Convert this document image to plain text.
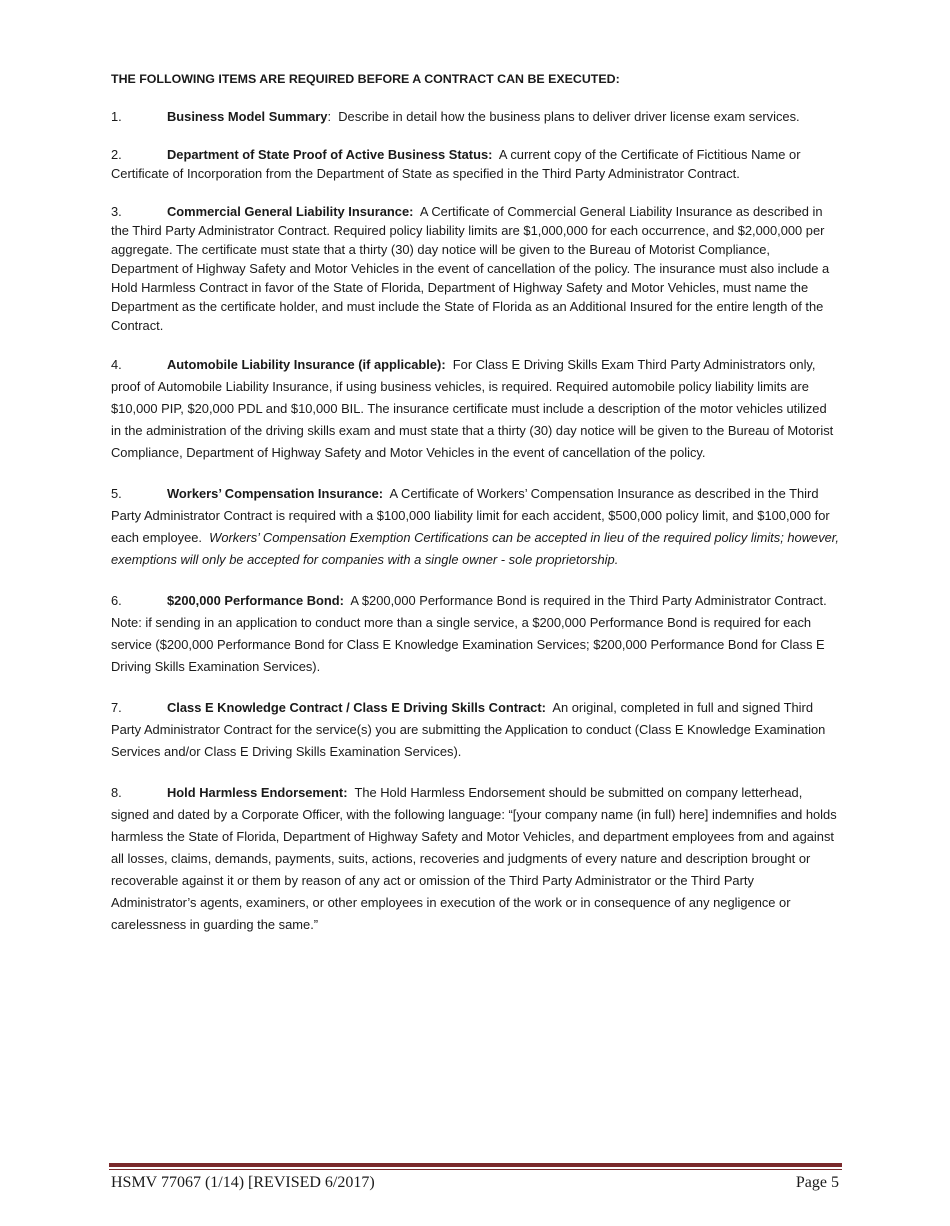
THE FOLLOWING ITEMS ARE REQUIRED BEFORE A CONTRACT CAN BE EXECUTED:

1.	Business Model Summary:  Describe in detail how the business plans to deliver driver license exam services.

2.	Department of State Proof of Active Business Status: A current copy of the Certificate of Fictitious Name or Certificate of Incorporation from the Department of State as specified in the Third Party Administrator Contract.

3.	Commercial General Liability Insurance: A Certificate of Commercial General Liability Insurance as described in the Third Party Administrator Contract. Required policy liability limits are $1,000,000 for each occurrence, and $2,000,000 per aggregate. The certificate must state that a thirty (30) day notice will be given to the Bureau of Motorist Compliance, Department of Highway Safety and Motor Vehicles in the event of cancellation of the policy. The insurance must also include a Hold Harmless Contract in favor of the State of Florida, Department of Highway Safety and Motor Vehicles, must name the Department as the certificate holder, and must include the State of Florida as an Additional Insured for the entire length of the Contract.

4.	Automobile Liability Insurance (if applicable): For Class E Driving Skills Exam Third Party Administrators only, proof of Automobile Liability Insurance, if using business vehicles, is required. Required automobile policy liability limits are $10,000 PIP, $20,000 PDL and $10,000 BIL. The insurance certificate must include a description of the motor vehicles utilized in the administration of the driving skills exam and must state that a thirty (30) day notice will be given to the Bureau of Motorist Compliance, Department of Highway Safety and Motor Vehicles in the event of cancellation of the policy.

5.	Workers’ Compensation Insurance: A Certificate of Workers’ Compensation Insurance as described in the Third Party Administrator Contract is required with a $100,000 liability limit for each accident, $500,000 policy limit, and $100,000 for each employee.  Workers’ Compensation Exemption Certifications can be accepted in lieu of the required policy limits; however, exemptions will only be accepted for companies with a single owner - sole proprietorship.

6.	$200,000 Performance Bond: A $200,000 Performance Bond is required in the Third Party Administrator Contract. Note: if sending in an application to conduct more than a single service, a $200,000 Performance Bond is required for each service ($200,000 Performance Bond for Class E Knowledge Examination Services; $200,000 Performance Bond for Class E Driving Skills Examination Services).

7.	Class E Knowledge Contract / Class E Driving Skills Contract: An original, completed in full and signed Third Party Administrator Contract for the service(s) you are submitting the Application to conduct (Class E Knowledge Examination Services and/or Class E Driving Skills Examination Services).

8.	Hold Harmless Endorsement: The Hold Harmless Endorsement should be submitted on company letterhead, signed and dated by a Corporate Officer, with the following language: “[your company name (in full) here] indemnifies and holds harmless the State of Florida, Department of Highway Safety and Motor Vehicles, and department employees from and against all losses, claims, demands, payments, suits, actions, recoveries and judgments of every nature and description brought or recoverable against it or them by reason of any act or omission of the Third Party Administrator or the Third Party Administrator’s agents, examiners, or other employees in execution of the work or in consequence of any negligence or carelessness in guarding the same.”

HSMV 77067 (1/14) [REVISED 6/2017)	Page 5
